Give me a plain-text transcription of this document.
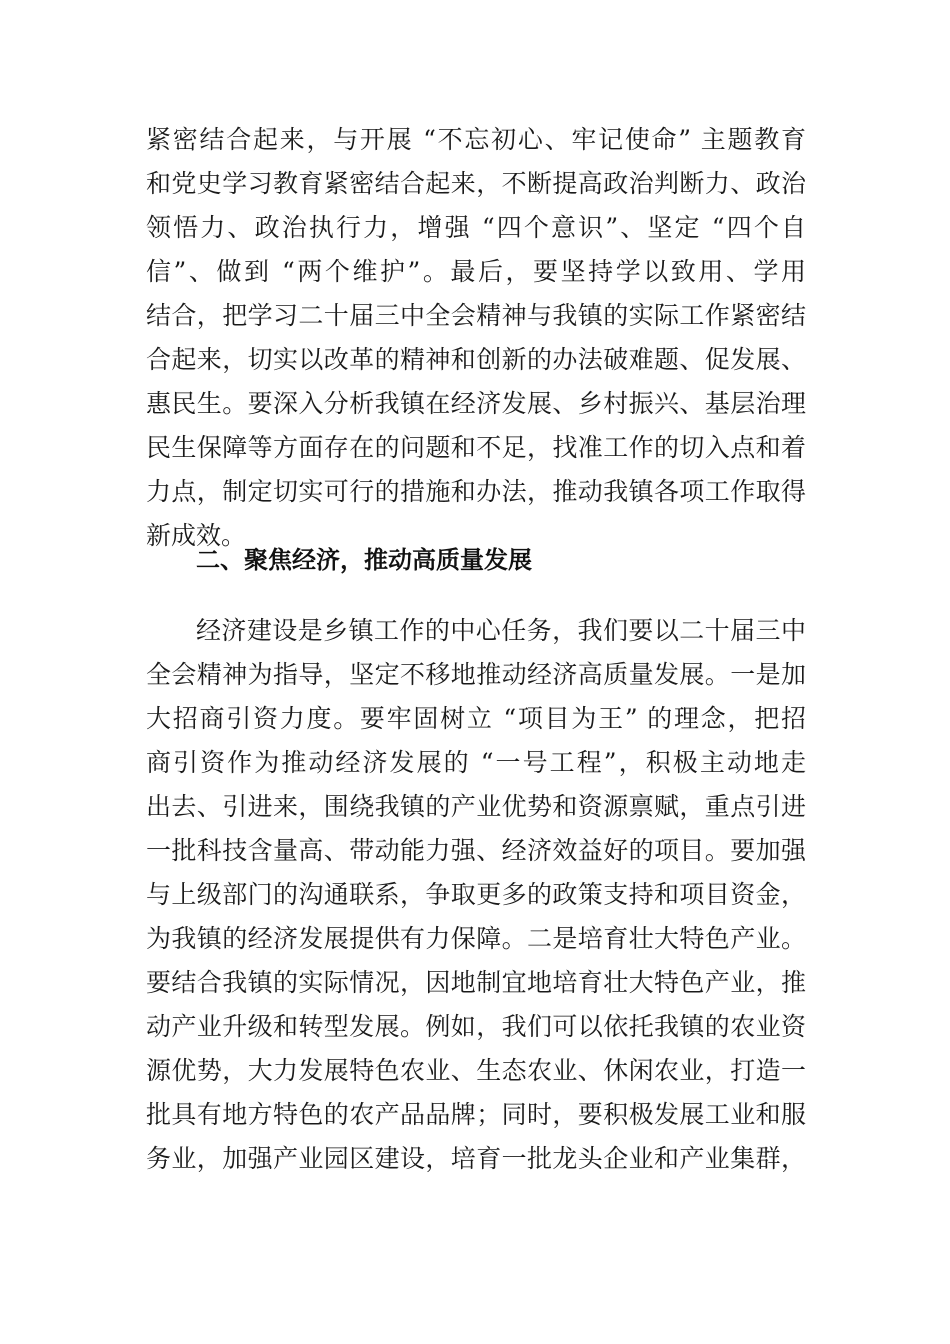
紧密结合起来，与开展 “不忘初心、牢记使命” 主题教育
和党史学习教育紧密结合起来，不断提高政治判断力、政治
领悟力、政治执行力，增强 “四个意识”、坚定 “四个自
信”、做到 “两个维护”。最后，要坚持学以致用、学用
结合，把学习二十届三中全会精神与我镇的实际工作紧密结
合起来，切实以改革的精神和创新的办法破难题、促发展、
惠民生。要深入分析我镇在经济发展、乡村振兴、基层治理
民生保障等方面存在的问题和不足，找准工作的切入点和着
力点，制定切实可行的措施和办法，推动我镇各项工作取得
新成效。
二、聚焦经济，推动高质量发展
经济建设是乡镇工作的中心任务，我们要以二十届三中
全会精神为指导，坚定不移地推动经济高质量发展。一是加
大招商引资力度。要牢固树立 “项目为王” 的理念，把招
商引资作为推动经济发展的 “一号工程”，积极主动地走
出去、引进来，围绕我镇的产业优势和资源禀赋，重点引进
一批科技含量高、带动能力强、经济效益好的项目。要加强
与上级部门的沟通联系，争取更多的政策支持和项目资金，
为我镇的经济发展提供有力保障。二是培育壮大特色产业。
要结合我镇的实际情况，因地制宜地培育壮大特色产业，推
动产业升级和转型发展。例如，我们可以依托我镇的农业资
源优势，大力发展特色农业、生态农业、休闲农业，打造一
批具有地方特色的农产品品牌；同时，要积极发展工业和服
务业，加强产业园区建设，培育一批龙头企业和产业集群，
